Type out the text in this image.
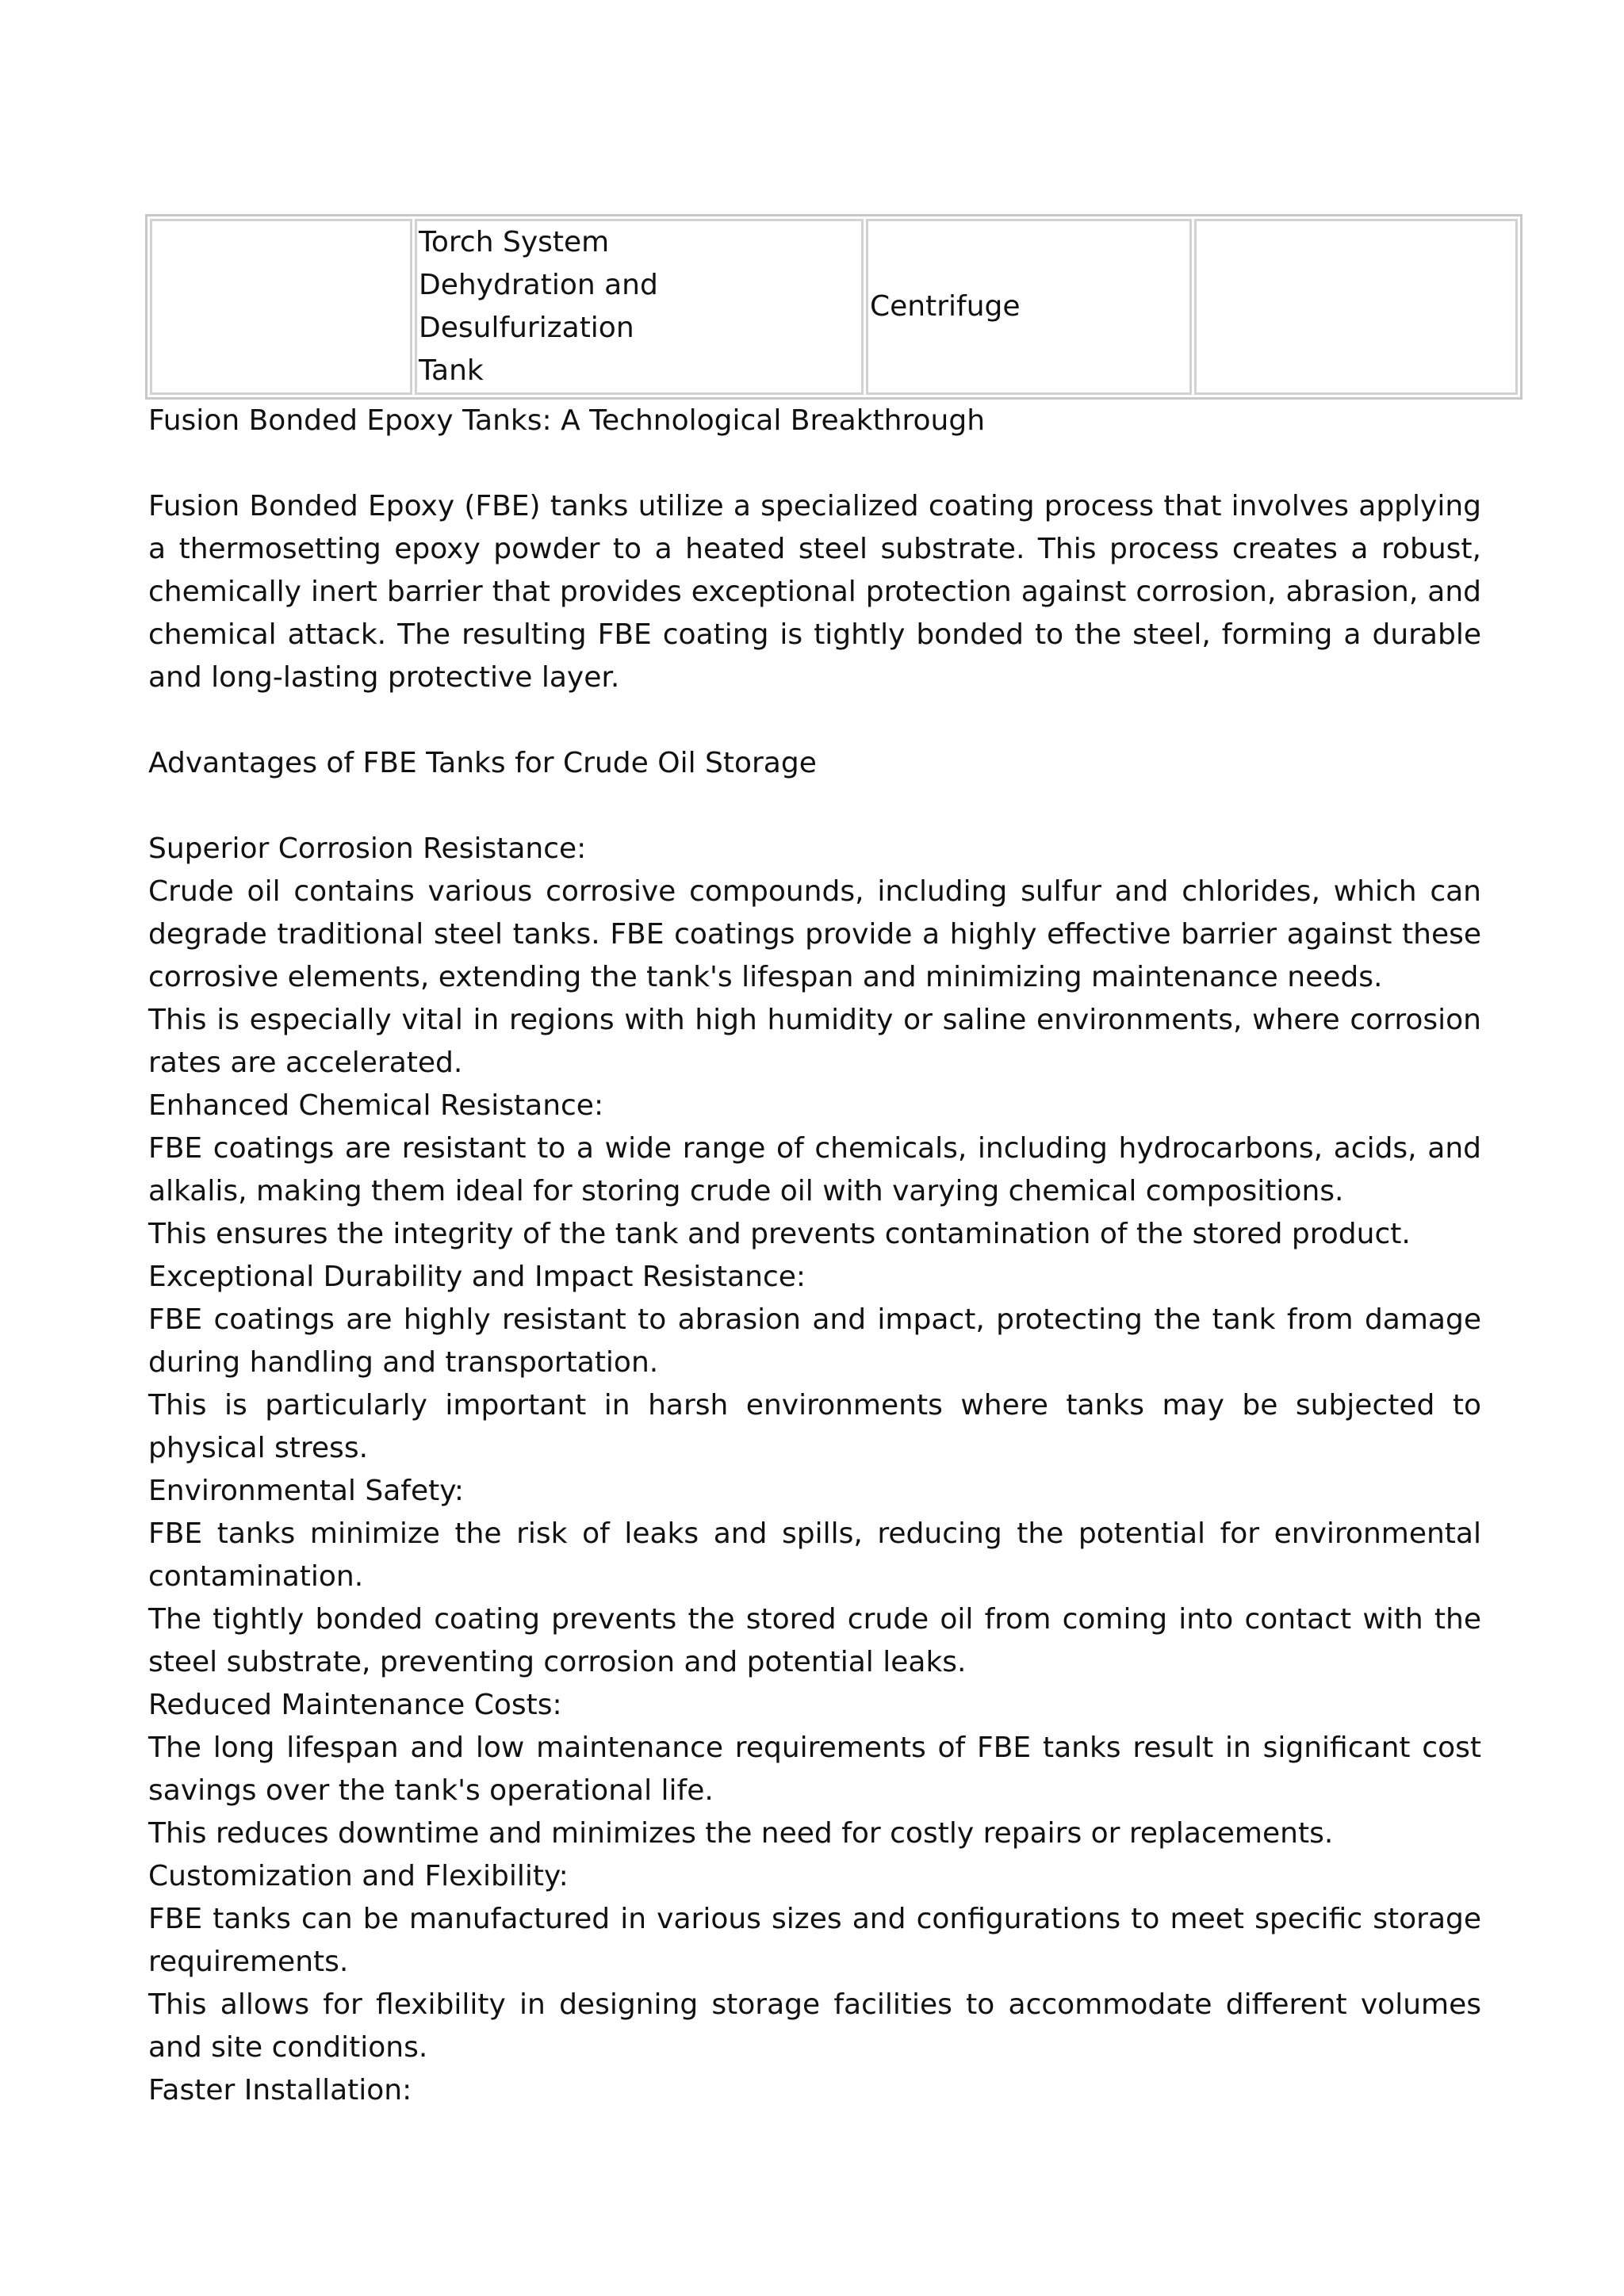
	Torch System
Dehydration and Desulfurization
Tank	Centrifuge	

Fusion Bonded Epoxy Tanks: A Technological Breakthrough

Fusion Bonded Epoxy (FBE) tanks utilize a specialized coating process that involves applying a thermosetting epoxy powder to a heated steel substrate. This process creates a robust, chemically inert barrier that provides exceptional protection against corrosion, abrasion, and chemical attack. The resulting FBE coating is tightly bonded to the steel, forming a durable and long-lasting protective layer.

Advantages of FBE Tanks for Crude Oil Storage

Superior Corrosion Resistance:

Crude oil contains various corrosive compounds, including sulfur and chlorides, which can degrade traditional steel tanks. FBE coatings provide a highly effective barrier against these corrosive elements, extending the tank's lifespan and minimizing maintenance needs.

This is especially vital in regions with high humidity or saline environments, where corrosion rates are accelerated.

Enhanced Chemical Resistance:

FBE coatings are resistant to a wide range of chemicals, including hydrocarbons, acids, and alkalis, making them ideal for storing crude oil with varying chemical compositions.

This ensures the integrity of the tank and prevents contamination of the stored product.

Exceptional Durability and Impact Resistance:

FBE coatings are highly resistant to abrasion and impact, protecting the tank from damage during handling and transportation.

This is particularly important in harsh environments where tanks may be subjected to physical stress.

Environmental Safety:

FBE tanks minimize the risk of leaks and spills, reducing the potential for environmental contamination.

The tightly bonded coating prevents the stored crude oil from coming into contact with the steel substrate, preventing corrosion and potential leaks.

Reduced Maintenance Costs:

The long lifespan and low maintenance requirements of FBE tanks result in significant cost savings over the tank's operational life.

This reduces downtime and minimizes the need for costly repairs or replacements.

Customization and Flexibility:

FBE tanks can be manufactured in various sizes and configurations to meet specific storage requirements.

This allows for flexibility in designing storage facilities to accommodate different volumes and site conditions.

Faster Installation:
